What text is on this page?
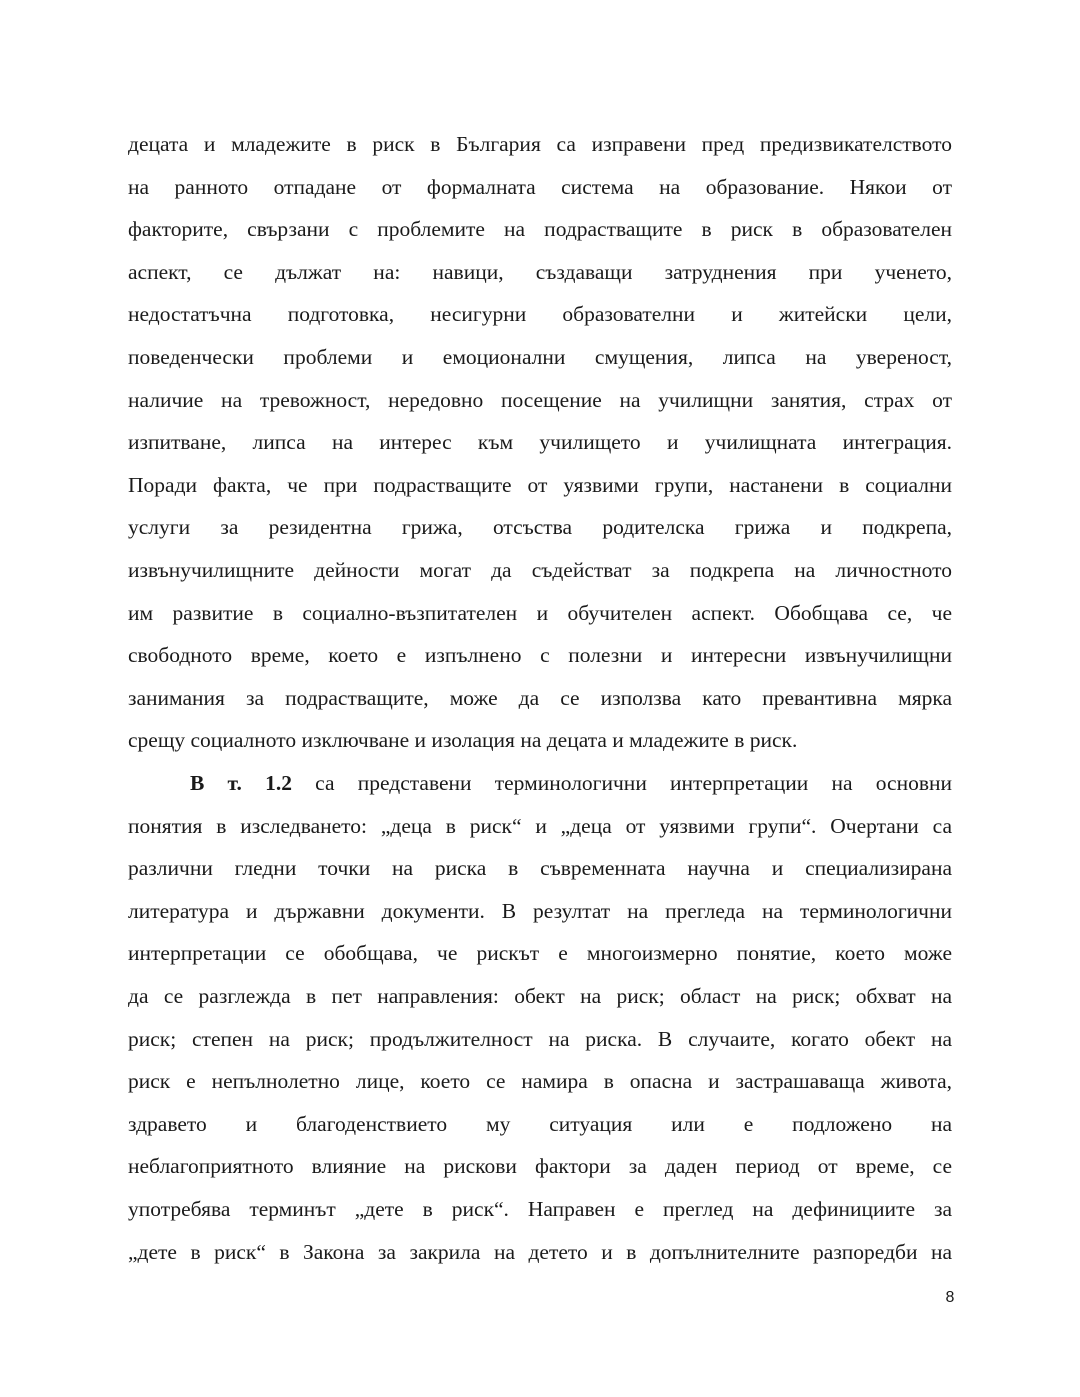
децата и младежите в риск в България са изправени пред предизвикателството
на ранното отпадане от формалната система на образование. Някои от
факторите, свързани с проблемите на подрастващите в риск в образователен
аспект, се дължат на: навици, създаващи затруднения при ученето,
недостатъчна подготовка, несигурни образователни и житейски цели,
поведенчески проблеми и емоционални смущения, липса на увереност,
наличие на тревожност, нередовно посещение на училищни занятия, страх от
изпитване, липса на интерес към училището и училищната интеграция.
Поради факта, че при подрастващите от уязвими групи, настанени в социални
услуги за резидентна грижа, отсъства родителска грижа и подкрепа,
извънучилищните дейности могат да съдействат за подкрепа на личностното
им развитие в социално-възпитателен и обучителен аспект. Обобщава се, че
свободното време, което е изпълнено с полезни и интересни извънучилищни
занимания за подрастващите, може да се използва като превантивна мярка
срещу социалното изключване и изолация на децата и младежите в риск.
В т. 1.2 са представени терминологични интерпретации на основни
понятия в изследването: „деца в риск“ и „деца от уязвими групи“. Очертани са
различни гледни точки на риска в съвременната научна и специализирана
литература и държавни документи. В резултат на прегледа на терминологични
интерпретации се обобщава, че рискът е многоизмерно понятие, което може
да се разглежда в пет направления: обект на риск; област на риск; обхват на
риск; степен на риск; продължителност на риска. В случаите, когато обект на
риск е непълнолетно лице, което се намира в опасна и застрашаваща живота,
здравето и благоденствието му ситуация или е подложено на
неблагоприятното влияние на рискови фактори за даден период от време, се
употребява терминът „дете в риск“. Направен е преглед на дефинициите за
„дете в риск“ в Закона за закрила на детето и в допълнителните разпоредби на
8
